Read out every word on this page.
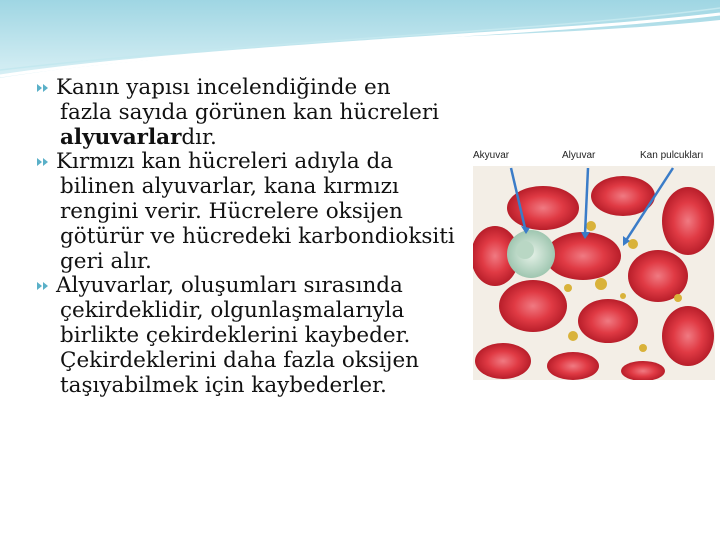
Kanın yapısı incelendiğinde en
fazla sayıda görünen kan hücreleri
alyuvarlardır.
Kırmızı kan hücreleri adıyla da
bilinen alyuvarlar, kana kırmızı
rengini verir. Hücrelere oksijen
götürür ve hücredeki karbondioksiti
geri alır.
Alyuvarlar, oluşumları sırasında
çekirdeklidir, olgunlaşmalarıyla
birlikte çekirdeklerini kaybeder.
Çekirdeklerini daha fazla oksijen
taşıyabilmek için kaybederler.
Akyuvar	Alyuvar	Kan pulcukları
